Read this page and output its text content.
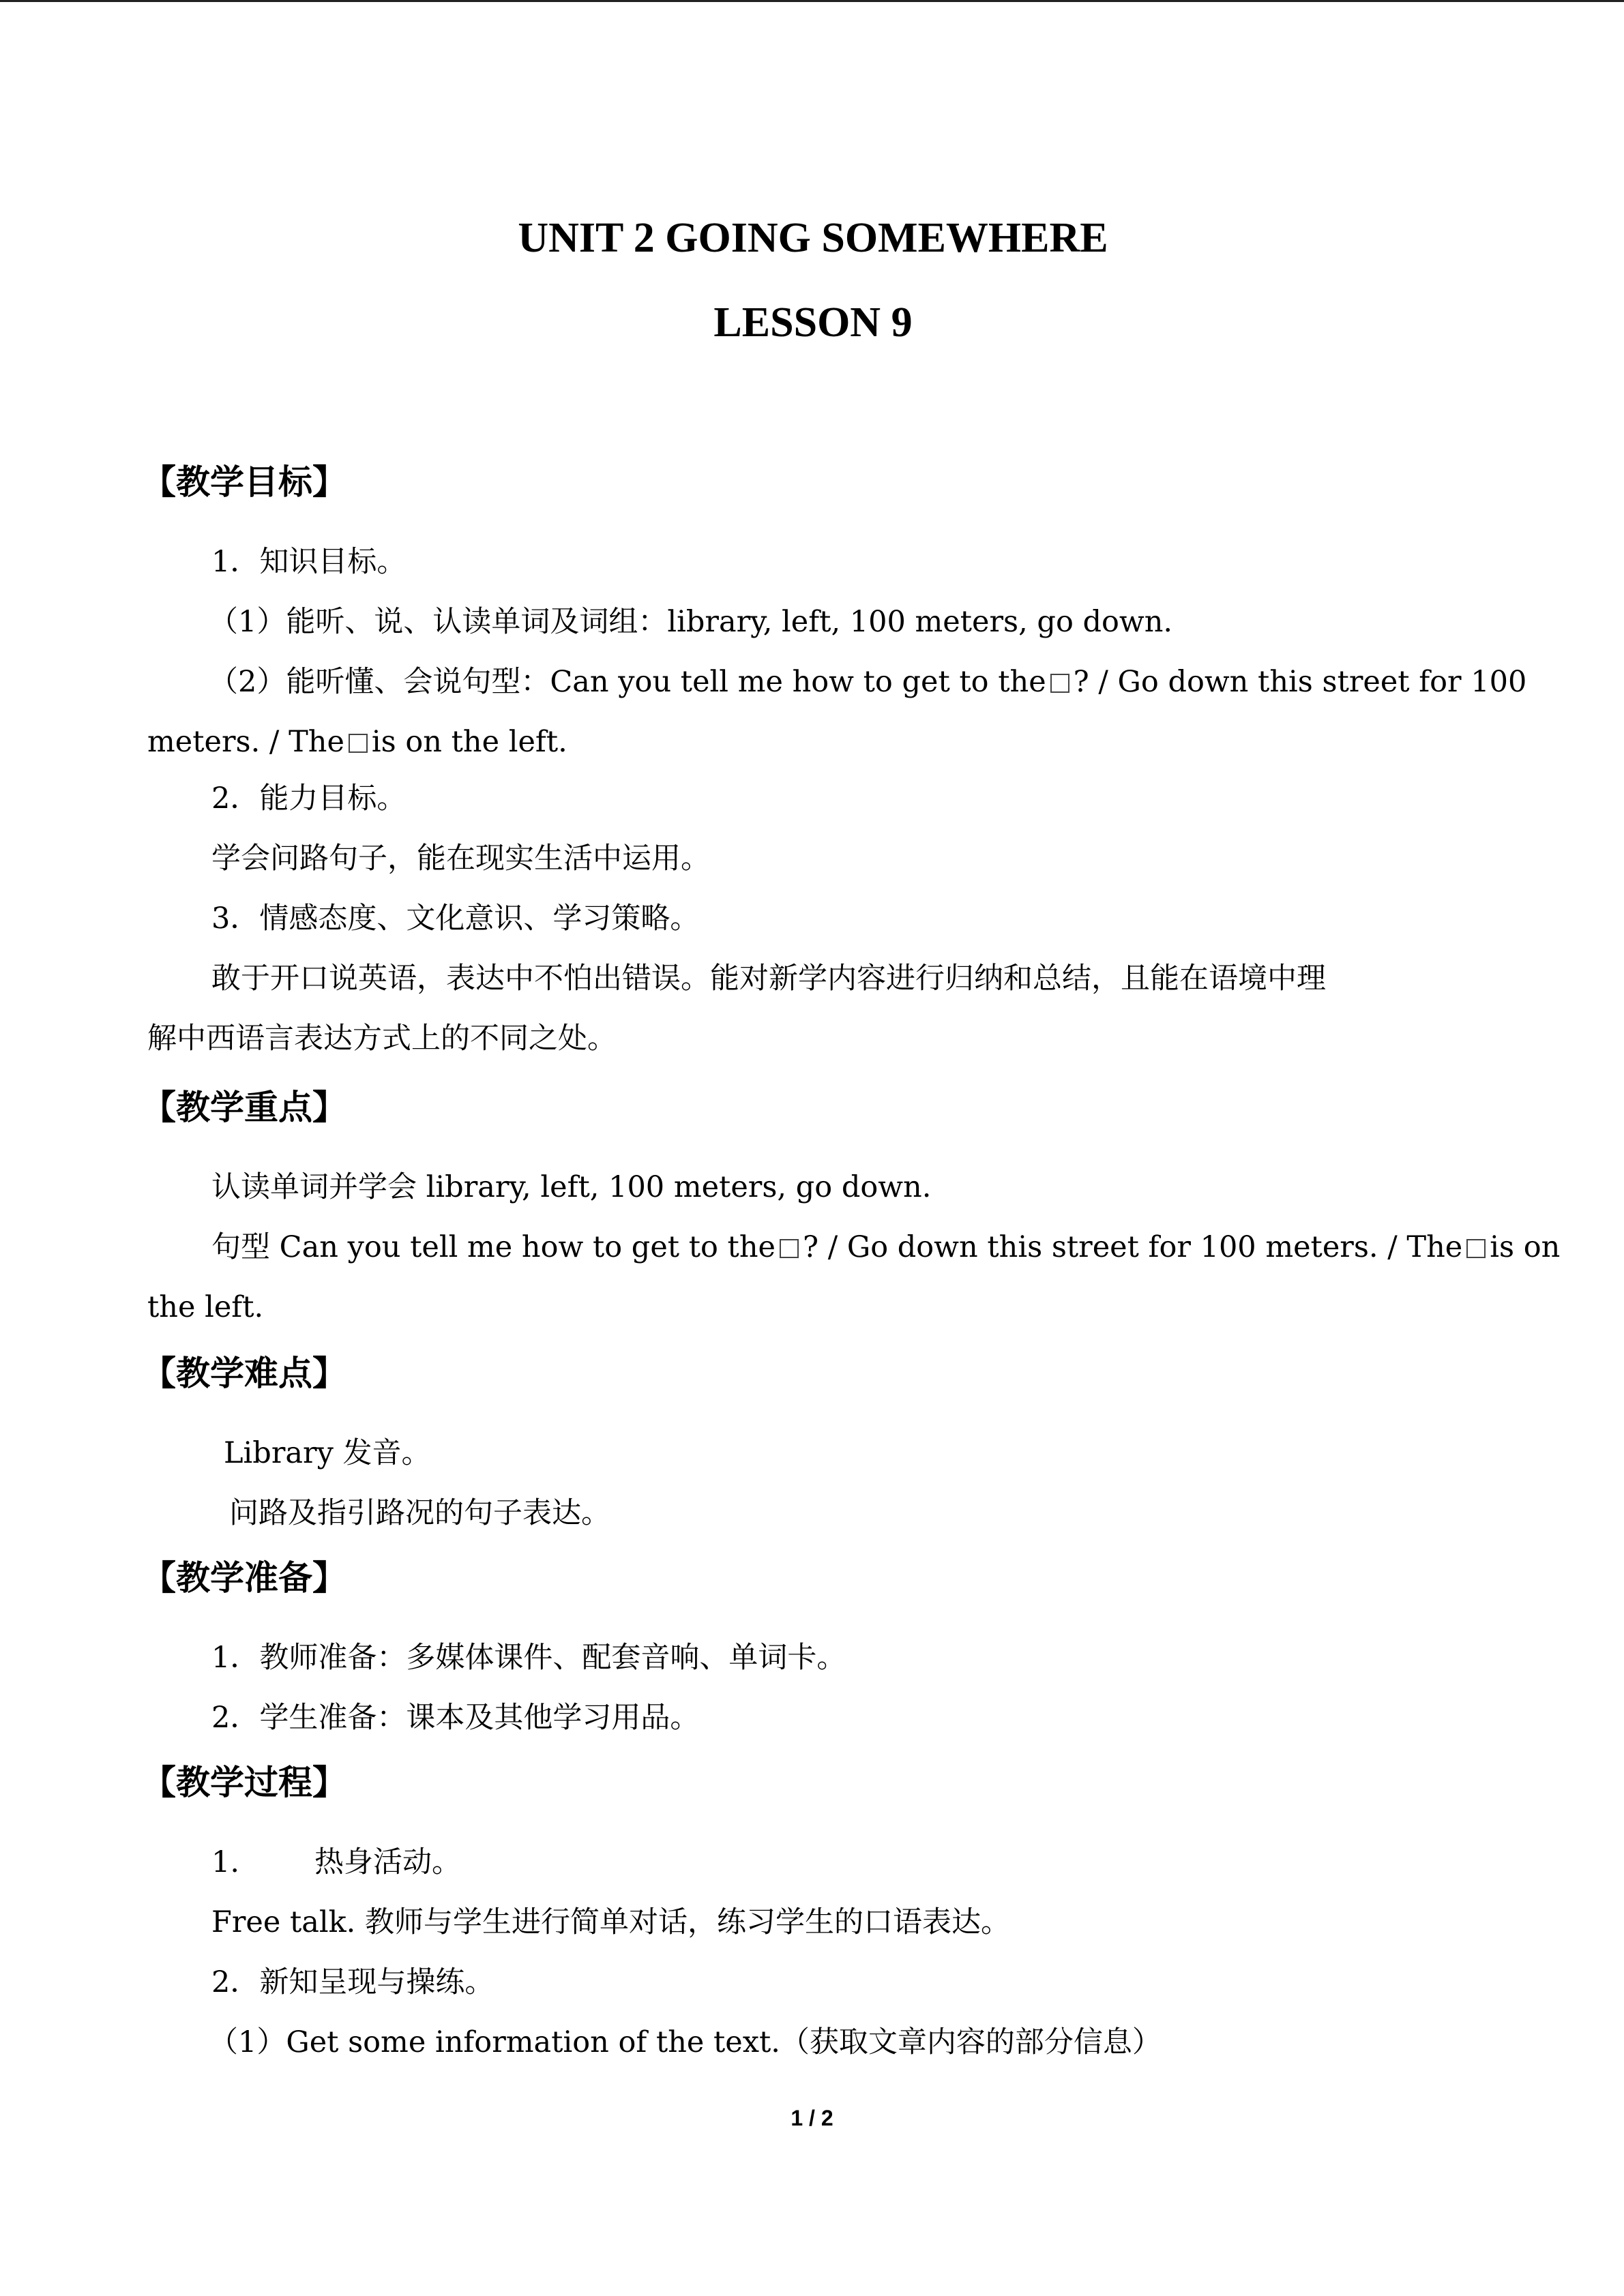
UNIT 2 GOING SOMEWHERE
LESSON 9
【教学目标】
1．知识目标。
（1）能听、说、认读单词及词组：library, left, 100 meters, go down.
（2）能听懂、会说句型：Can you tell me how to get to the ? / Go down this street for 100
meters. / The is on the left.
2．能力目标。
学会问路句子，能在现实生活中运用。
3．情感态度、文化意识、学习策略。
敢于开口说英语，表达中不怕出错误。能对新学内容进行归纳和总结，且能在语境中理
解中西语言表达方式上的不同之处。
【教学重点】
认读单词并学会 library, left, 100 meters, go down.
句型 Can you tell me how to get to the ? / Go down this street for 100 meters. / The is on
the left.
【教学难点】
Library 发音。
问路及指引路况的句子表达。
【教学准备】
1．教师准备：多媒体课件、配套音响、单词卡。
2．学生准备：课本及其他学习用品。
【教学过程】
1.	热身活动。
Free talk. 教师与学生进行简单对话，练习学生的口语表达。
2．新知呈现与操练。
（1）Get some information of the text.（获取文章内容的部分信息）
1 / 2
